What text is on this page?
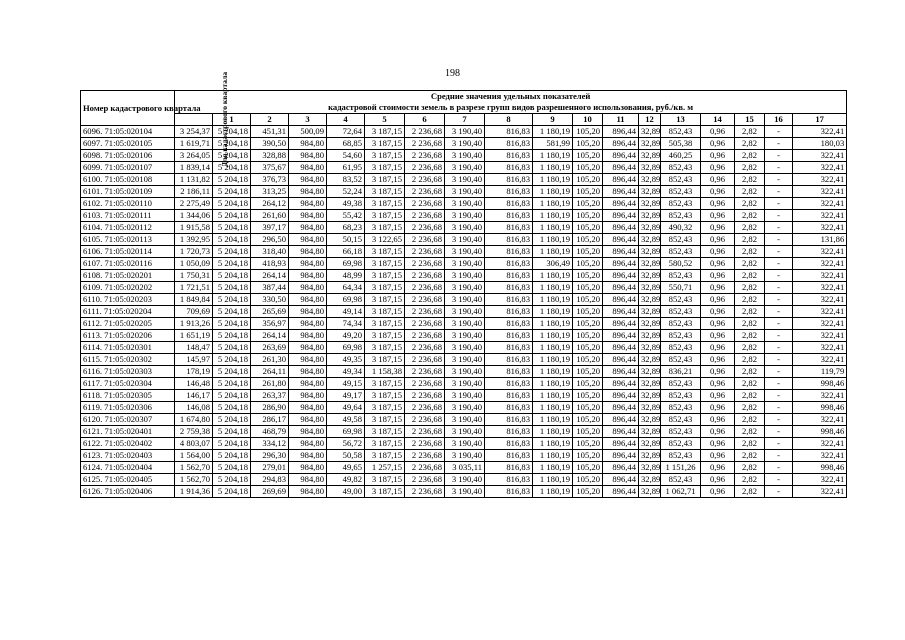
198
Номер кадастрового квартала	Средние значения удельных показателей
кадастровой стоимости земель в разрезе групп видов разрешенного использования, руб./кв. м																	

	Для кадастрового квартала	1	2	3	4	5	6	7	8	9	10	11	12	13	14	15	16	17
6096. 71:05:020104	3 254,37	5 204,18	451,31	500,09	72,64	3 187,15	2 236,68	3 190,40	816,83	1 180,19	105,20	896,44	32,89	852,43	0,96	2,82	-	322,41
6097. 71:05:020105	1 619,71	5 204,18	390,50	984,80	68,85	3 187,15	2 236,68	3 190,40	816,83	581,99	105,20	896,44	32,89	505,38	0,96	2,82	-	180,03
6098. 71:05:020106	3 264,05	5 204,18	328,88	984,80	54,60	3 187,15	2 236,68	3 190,40	816,83	1 180,19	105,20	896,44	32,89	460,25	0,96	2,82	-	322,41
6099. 71:05:020107	1 839,14	5 204,18	375,67	984,80	61,95	3 187,15	2 236,68	3 190,40	816,83	1 180,19	105,20	896,44	32,89	852,43	0,96	2,82	-	322,41
6100. 71:05:020108	1 131,82	5 204,18	376,73	984,80	83,52	3 187,15	2 236,68	3 190,40	816,83	1 180,19	105,20	896,44	32,89	852,43	0,96	2,82	-	322,41
6101. 71:05:020109	2 186,11	5 204,18	313,25	984,80	52,24	3 187,15	2 236,68	3 190,40	816,83	1 180,19	105,20	896,44	32,89	852,43	0,96	2,82	-	322,41
6102. 71:05:020110	2 275,49	5 204,18	264,12	984,80	49,38	3 187,15	2 236,68	3 190,40	816,83	1 180,19	105,20	896,44	32,89	852,43	0,96	2,82	-	322,41
6103. 71:05:020111	1 344,06	5 204,18	261,60	984,80	55,42	3 187,15	2 236,68	3 190,40	816,83	1 180,19	105,20	896,44	32,89	852,43	0,96	2,82	-	322,41
6104. 71:05:020112	1 915,58	5 204,18	397,17	984,80	68,23	3 187,15	2 236,68	3 190,40	816,83	1 180,19	105,20	896,44	32,89	490,32	0,96	2,82	-	322,41
6105. 71:05:020113	1 392,95	5 204,18	296,50	984,80	50,15	3 122,65	2 236,68	3 190,40	816,83	1 180,19	105,20	896,44	32,89	852,43	0,96	2,82	-	131,86
6106. 71:05:020114	1 720,73	5 204,18	318,40	984,80	66,18	3 187,15	2 236,68	3 190,40	816,83	1 180,19	105,20	896,44	32,89	852,43	0,96	2,82	-	322,41
6107. 71:05:020116	1 050,09	5 204,18	418,93	984,80	69,98	3 187,15	2 236,68	3 190,40	816,83	306,49	105,20	896,44	32,89	580,52	0,96	2,82	-	322,41
6108. 71:05:020201	1 750,31	5 204,18	264,14	984,80	48,99	3 187,15	2 236,68	3 190,40	816,83	1 180,19	105,20	896,44	32,89	852,43	0,96	2,82	-	322,41
6109. 71:05:020202	1 721,51	5 204,18	387,44	984,80	64,34	3 187,15	2 236,68	3 190,40	816,83	1 180,19	105,20	896,44	32,89	550,71	0,96	2,82	-	322,41
6110. 71:05:020203	1 849,84	5 204,18	330,50	984,80	69,98	3 187,15	2 236,68	3 190,40	816,83	1 180,19	105,20	896,44	32,89	852,43	0,96	2,82	-	322,41
6111. 71:05:020204	709,69	5 204,18	265,69	984,80	49,14	3 187,15	2 236,68	3 190,40	816,83	1 180,19	105,20	896,44	32,89	852,43	0,96	2,82	-	322,41
6112. 71:05:020205	1 913,26	5 204,18	356,97	984,80	74,34	3 187,15	2 236,68	3 190,40	816,83	1 180,19	105,20	896,44	32,89	852,43	0,96	2,82	-	322,41
6113. 71:05:020206	1 651,19	5 204,18	264,14	984,80	49,20	3 187,15	2 236,68	3 190,40	816,83	1 180,19	105,20	896,44	32,89	852,43	0,96	2,82	-	322,41
6114. 71:05:020301	148,47	5 204,18	263,69	984,80	69,98	3 187,15	2 236,68	3 190,40	816,83	1 180,19	105,20	896,44	32,89	852,43	0,96	2,82	-	322,41
6115. 71:05:020302	145,97	5 204,18	261,30	984,80	49,35	3 187,15	2 236,68	3 190,40	816,83	1 180,19	105,20	896,44	32,89	852,43	0,96	2,82	-	322,41
6116. 71:05:020303	178,19	5 204,18	264,11	984,80	49,34	1 158,38	2 236,68	3 190,40	816,83	1 180,19	105,20	896,44	32,89	836,21	0,96	2,82	-	119,79
6117. 71:05:020304	146,48	5 204,18	261,80	984,80	49,15	3 187,15	2 236,68	3 190,40	816,83	1 180,19	105,20	896,44	32,89	852,43	0,96	2,82	-	998,46
6118. 71:05:020305	146,17	5 204,18	263,37	984,80	49,17	3 187,15	2 236,68	3 190,40	816,83	1 180,19	105,20	896,44	32,89	852,43	0,96	2,82	-	322,41
6119. 71:05:020306	146,08	5 204,18	286,90	984,80	49,64	3 187,15	2 236,68	3 190,40	816,83	1 180,19	105,20	896,44	32,89	852,43	0,96	2,82	-	998,46
6120. 71:05:020307	1 674,80	5 204,18	286,17	984,80	49,58	3 187,15	2 236,68	3 190,40	816,83	1 180,19	105,20	896,44	32,89	852,43	0,96	2,82	-	322,41
6121. 71:05:020401	2 759,38	5 204,18	468,79	984,80	69,98	3 187,15	2 236,68	3 190,40	816,83	1 180,19	105,20	896,44	32,89	852,43	0,96	2,82	-	998,46
6122. 71:05:020402	4 803,07	5 204,18	334,12	984,80	56,72	3 187,15	2 236,68	3 190,40	816,83	1 180,19	105,20	896,44	32,89	852,43	0,96	2,82	-	322,41
6123. 71:05:020403	1 564,00	5 204,18	296,30	984,80	50,58	3 187,15	2 236,68	3 190,40	816,83	1 180,19	105,20	896,44	32,89	852,43	0,96	2,82	-	322,41
6124. 71:05:020404	1 562,70	5 204,18	279,01	984,80	49,65	1 257,15	2 236,68	3 035,11	816,83	1 180,19	105,20	896,44	32,89	1 151,26	0,96	2,82	-	998,46
6125. 71:05:020405	1 562,70	5 204,18	294,83	984,80	49,82	3 187,15	2 236,68	3 190,40	816,83	1 180,19	105,20	896,44	32,89	852,43	0,96	2,82	-	322,41
6126. 71:05:020406	1 914,36	5 204,18	269,69	984,80	49,00	3 187,15	2 236,68	3 190,40	816,83	1 180,19	105,20	896,44	32,89	1 062,71	0,96	2,82	-	322,41
